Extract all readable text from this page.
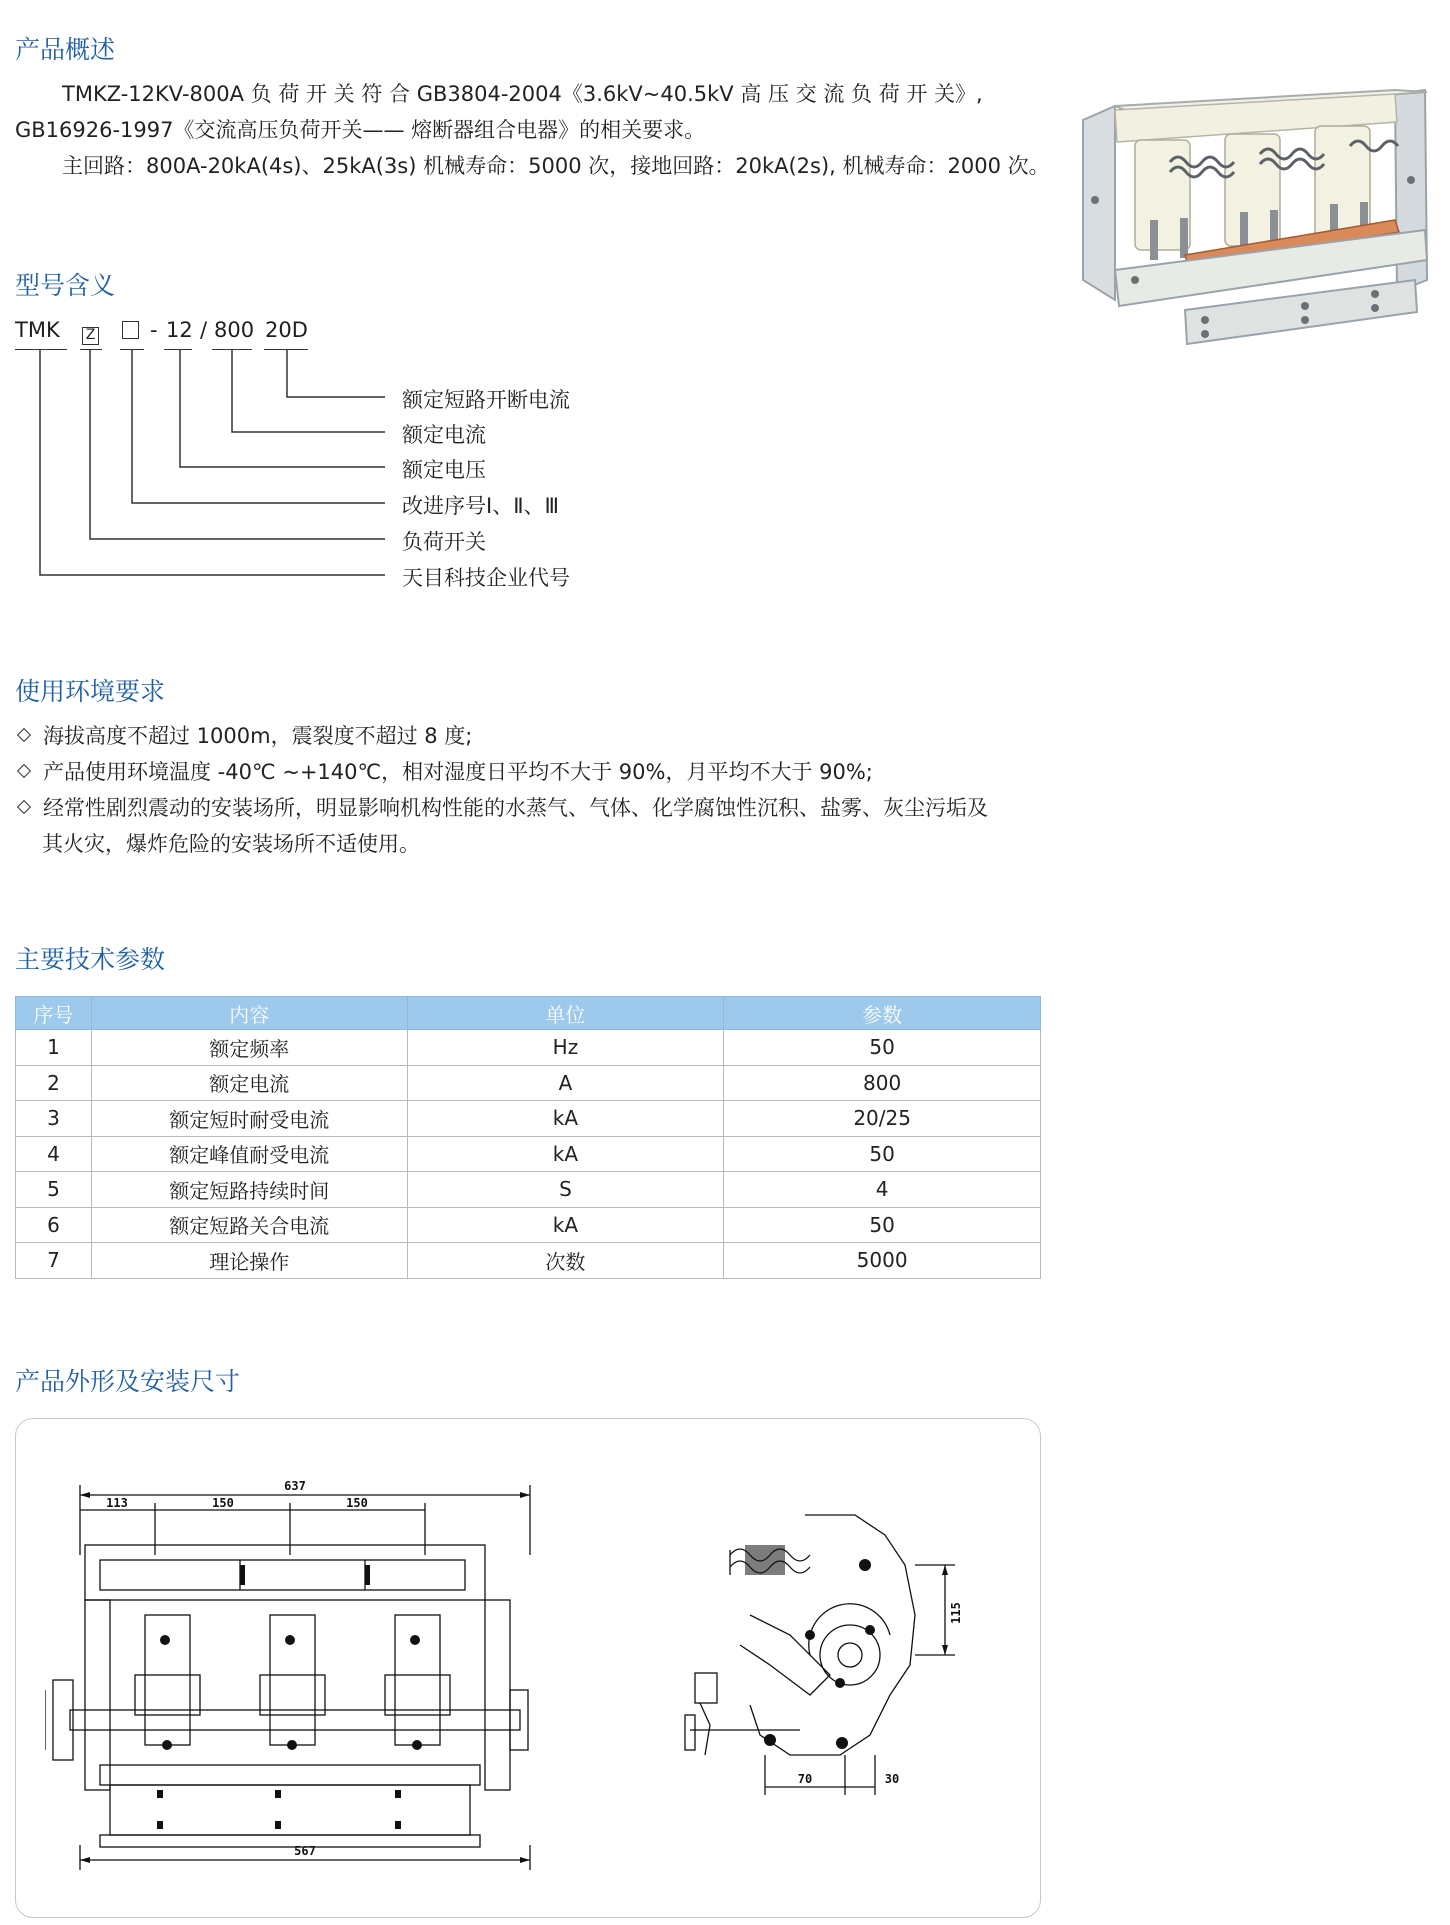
产品概述
TMKZ-12KV-800A 负 荷 开 关 符 合 GB3804-2004《3.6kV~40.5kV 高 压 交 流 负 荷 开 关》,
GB16926-1997《交流高压负荷开关—— 熔断器组合电器》的相关要求。
主回路：800A-20kA(4s)、25kA(3s) 机械寿命：5000 次，接地回路：20kA(2s), 机械寿命：2000 次。
型号含义
TMK Z	- 12 / 800 20D
额定短路开断电流
额定电流
额定电压
改进序号Ⅰ、Ⅱ、Ⅲ
负荷开关
天目科技企业代号
使用环境要求
海拔高度不超过 1000m，震裂度不超过 8 度;
产品使用环境温度 -40℃ ~+140℃，相对湿度日平均不大于 90%，月平均不大于 90%;
经常性剧烈震动的安装场所，明显影响机构性能的水蒸气、气体、化学腐蚀性沉积、盐雾、灰尘污垢及
其火灾，爆炸危险的安装场所不适使用。
主要技术参数
序号	内容	单位	参数
1	额定频率	Hz	50
2	额定电流	A	800
3	额定短时耐受电流	kA	20/25
4	额定峰值耐受电流	kA	50
5	额定短路持续时间	S	4
6	额定短路关合电流	kA	50
7	理论操作	次数	5000
产品外形及安装尺寸
637
113	150	150
567
115
70	30
